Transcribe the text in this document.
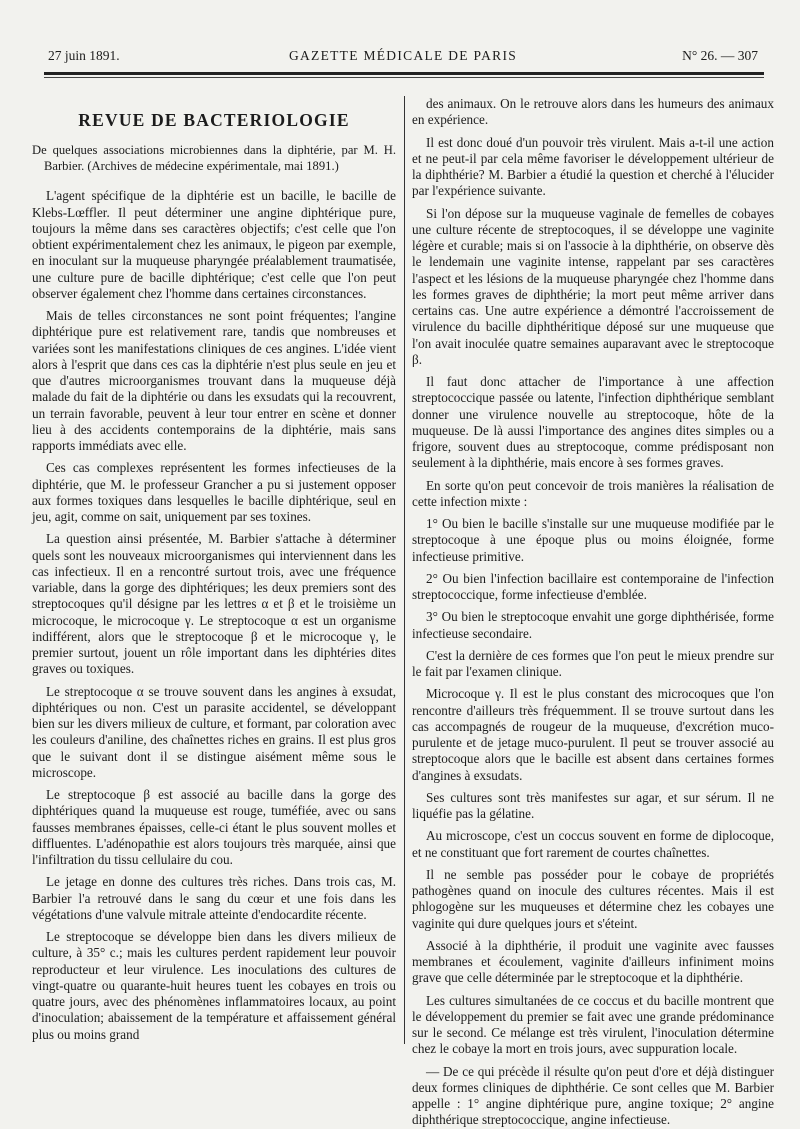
27 juin 1891.	GAZETTE MÉDICALE DE PARIS	N° 26. — 307
REVUE DE BACTERIOLOGIE

De quelques associations microbiennes dans la diphtérie, par M. H. Barbier. (Archives de médecine expérimentale, mai 1891.)

L'agent spécifique de la diphtérie est un bacille, le bacille de Klebs-Lœffler. Il peut déterminer une angine diphtérique pure, toujours la même dans ses caractères objectifs; c'est celle que l'on obtient expérimentalement chez les animaux, le pigeon par exemple, en inoculant sur la muqueuse pharyngée préalablement traumatisée, une culture pure de bacille diphtérique; c'est celle que l'on peut observer également chez l'homme dans certaines circonstances.

Mais de telles circonstances ne sont point fréquentes; l'angine diphtérique pure est relativement rare, tandis que nombreuses et variées sont les manifestations cliniques de ces angines. L'idée vient alors à l'esprit que dans ces cas la diphtérie n'est plus seule en jeu et que d'autres microorganismes trouvant dans la muqueuse déjà malade du fait de la diphtérie ou dans les exsudats qui la recouvrent, un terrain favorable, peuvent à leur tour entrer en scène et donner lieu à des accidents contemporains de la diphtérie, mais sans rapports immédiats avec elle.

Ces cas complexes représentent les formes infectieuses de la diphtérie, que M. le professeur Grancher a pu si justement opposer aux formes toxiques dans lesquelles le bacille diphtérique, seul en jeu, agit, comme on sait, uniquement par ses toxines.

La question ainsi présentée, M. Barbier s'attache à déterminer quels sont les nouveaux microorganismes qui interviennent dans les cas infectieux. Il en a rencontré surtout trois, avec une fréquence variable, dans la gorge des diphtériques; les deux premiers sont des streptocoques qu'il désigne par les lettres α et β et le troisième un microcoque, le microcoque γ. Le streptocoque α est un organisme indifférent, alors que le streptocoque β et le microcoque γ, le premier surtout, jouent un rôle important dans les diphtéries dites graves ou toxiques.

Le streptocoque α se trouve souvent dans les angines à exsudat, diphtériques ou non. C'est un parasite accidentel, se développant bien sur les divers milieux de culture, et formant, par coloration avec les couleurs d'aniline, des chaînettes riches en grains. Il est plus gros que le suivant dont il se distingue aisément même sous le microscope.

Le streptocoque β est associé au bacille dans la gorge des diphtériques quand la muqueuse est rouge, tuméfiée, avec ou sans fausses membranes épaisses, celle-ci étant le plus souvent molles et diffluentes. L'adénopathie est alors toujours très marquée, ainsi que l'infiltration du tissu cellulaire du cou.

Le jetage en donne des cultures très riches. Dans trois cas, M. Barbier l'a retrouvé dans le sang du cœur et une fois dans les végétations d'une valvule mitrale atteinte d'endocardite récente.

Le streptocoque se développe bien dans les divers milieux de culture, à 35° c.; mais les cultures perdent rapidement leur pouvoir reproducteur et leur virulence. Les inoculations des cultures de vingt-quatre ou quarante-huit heures tuent les cobayes en trois ou quatre jours, avec des phénomènes inflammatoires locaux, au point d'inoculation; abaissement de la température et affaissement général plus ou moins grand

des animaux. On le retrouve alors dans les humeurs des animaux en expérience.

Il est donc doué d'un pouvoir très virulent. Mais a-t-il une action et ne peut-il par cela même favoriser le développement ultérieur de la diphthérie? M. Barbier a étudié la question et cherché à l'élucider par l'expérience suivante.

Si l'on dépose sur la muqueuse vaginale de femelles de cobayes une culture récente de streptocoques, il se développe une vaginite légère et curable; mais si on l'associe à la diphthérie, on observe dès le lendemain une vaginite intense, rappelant par ses caractères l'aspect et les lésions de la muqueuse pharyngée chez l'homme dans les formes graves de diphthérie; la mort peut même arriver dans certains cas. Une autre expérience a démontré l'accroissement de virulence du bacille diphthéritique déposé sur une muqueuse que l'on avait inoculée quatre semaines auparavant avec le streptocoque β.

Il faut donc attacher de l'importance à une affection streptococcique passée ou latente, l'infection diphthérique semblant donner une virulence nouvelle au streptocoque, hôte de la muqueuse. De là aussi l'importance des angines dites simples ou a frigore, souvent dues au streptocoque, comme prédisposant non seulement à la diphthérie, mais encore à ses formes graves.

En sorte qu'on peut concevoir de trois manières la réalisation de cette infection mixte :

1° Ou bien le bacille s'installe sur une muqueuse modifiée par le streptocoque à une époque plus ou moins éloignée, forme infectieuse primitive.

2° Ou bien l'infection bacillaire est contemporaine de l'infection streptococcique, forme infectieuse d'emblée.

3° Ou bien le streptocoque envahit une gorge diphthérisée, forme infectieuse secondaire.

C'est la dernière de ces formes que l'on peut le mieux prendre sur le fait par l'examen clinique.

Microcoque γ. Il est le plus constant des microcoques que l'on rencontre d'ailleurs très fréquemment. Il se trouve surtout dans les cas accompagnés de rougeur de la muqueuse, d'excrétion muco-purulente et de jetage muco-purulent. Il peut se trouver associé au streptocoque alors que le bacille est absent dans certaines formes d'angines à exsudats.

Ses cultures sont très manifestes sur agar, et sur sérum. Il ne liquéfie pas la gélatine.

Au microscope, c'est un coccus souvent en forme de diplocoque, et ne constituant que fort rarement de courtes chaînettes.

Il ne semble pas posséder pour le cobaye de propriétés pathogènes quand on inocule des cultures récentes. Mais il est phlogogène sur les muqueuses et détermine chez les cobayes une vaginite qui dure quelques jours et s'éteint.

Associé à la diphthérie, il produit une vaginite avec fausses membranes et écoulement, vaginite d'ailleurs infiniment moins grave que celle déterminée par le streptocoque et la diphthérie.

Les cultures simultanées de ce coccus et du bacille montrent que le développement du premier se fait avec une grande prédominance sur le second. Ce mélange est très virulent, l'inoculation détermine chez le cobaye la mort en trois jours, avec suppuration locale.

— De ce qui précède il résulte qu'on peut d'ore et déjà distinguer deux formes cliniques de diphthérie. Ce sont celles que M. Barbier appelle : 1° angine diphtérique pure, angine toxique; 2° angine diphthérique streptococcique, angine infectieuse.
